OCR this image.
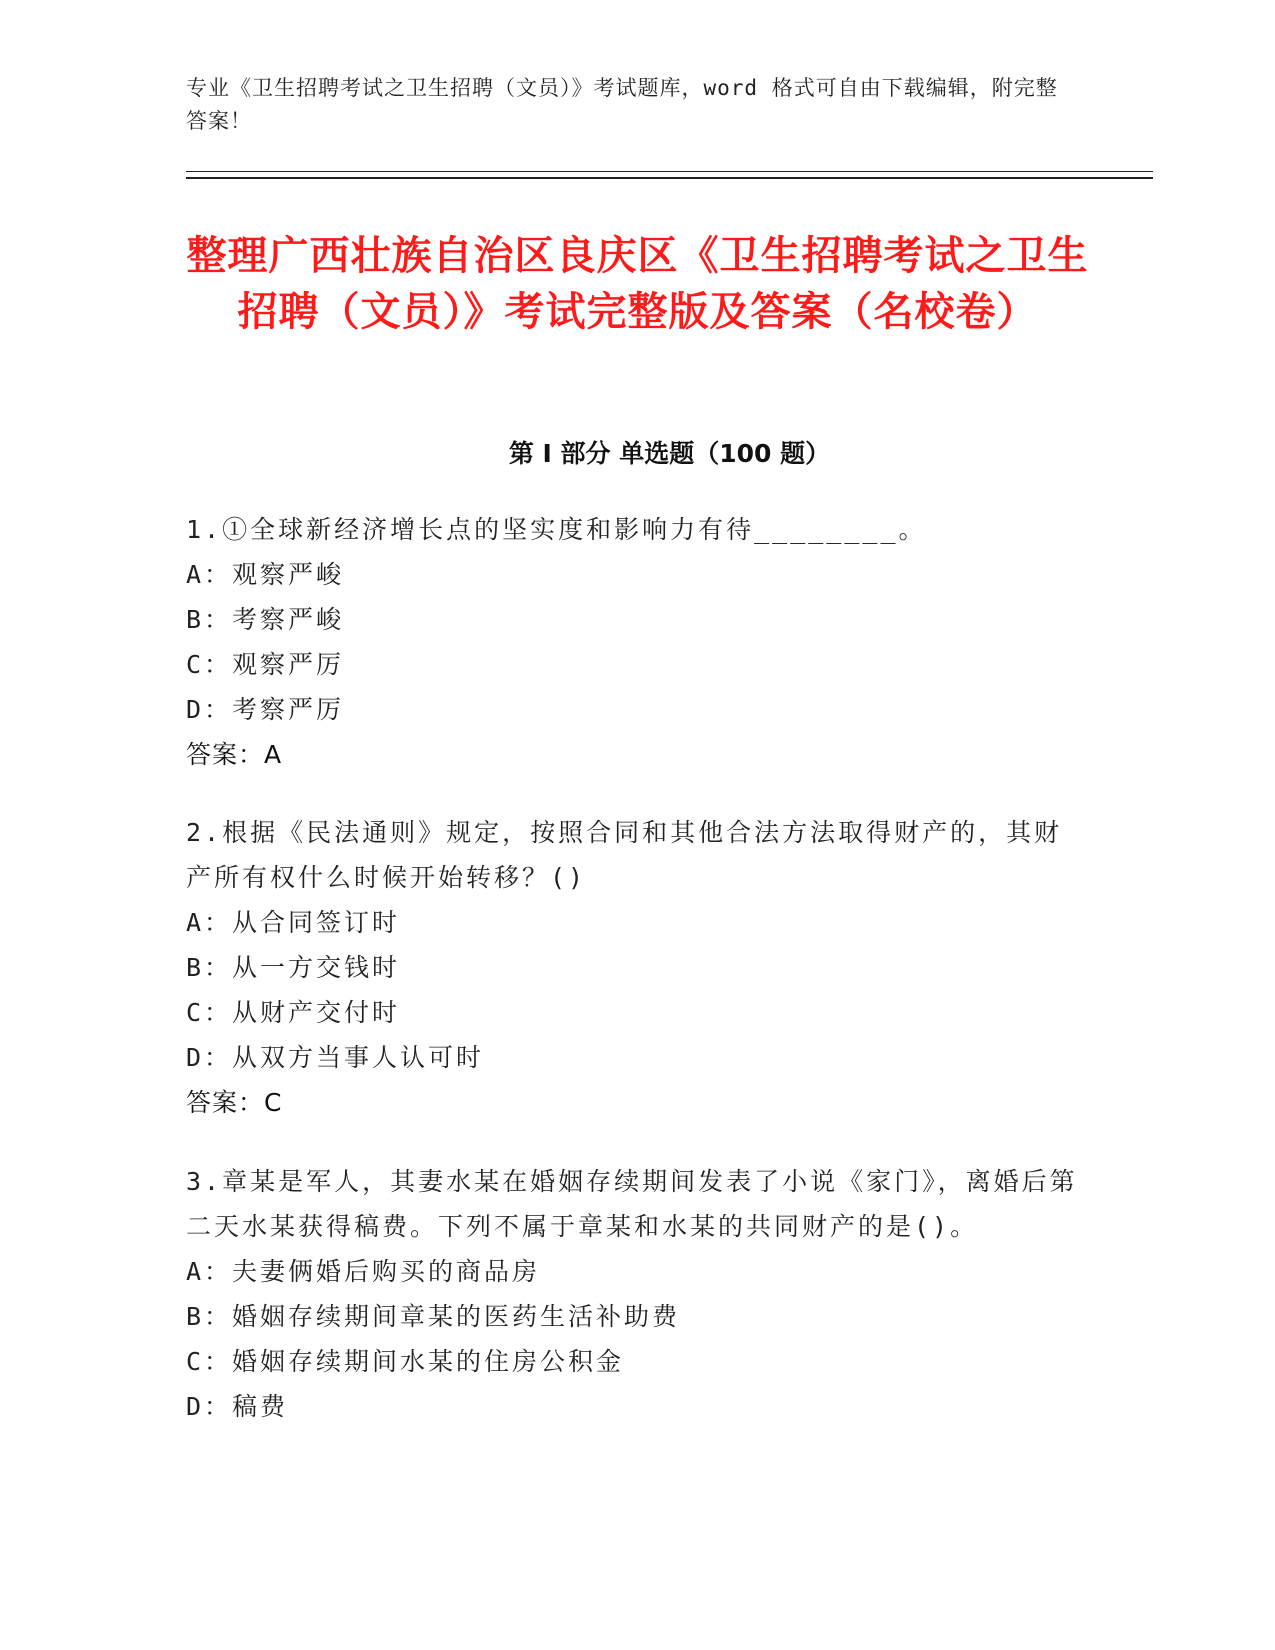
专业《卫生招聘考试之卫生招聘（文员）》考试题库，word 格式可自由下载编辑，附完整答案！

整理广西壮族自治区良庆区《卫生招聘考试之卫生招聘（文员）》考试完整版及答案（名校卷）
第 I 部分 单选题（100 题）

1.①全球新经济增长点的坚实度和影响力有待________。

A：观察严峻
B：考察严峻
C：观察严厉
D：考察严厉

答案：A

2.根据《民法通则》规定，按照合同和其他合法方法取得财产的，其财产所有权什么时候开始转移？()

A：从合同签订时
B：从一方交钱时
C：从财产交付时
D：从双方当事人认可时

答案：C

3.章某是军人，其妻水某在婚姻存续期间发表了小说《家门》，离婚后第二天水某获得稿费。下列不属于章某和水某的共同财产的是()。

A：夫妻俩婚后购买的商品房
B：婚姻存续期间章某的医药生活补助费
C：婚姻存续期间水某的住房公积金
D：稿费
